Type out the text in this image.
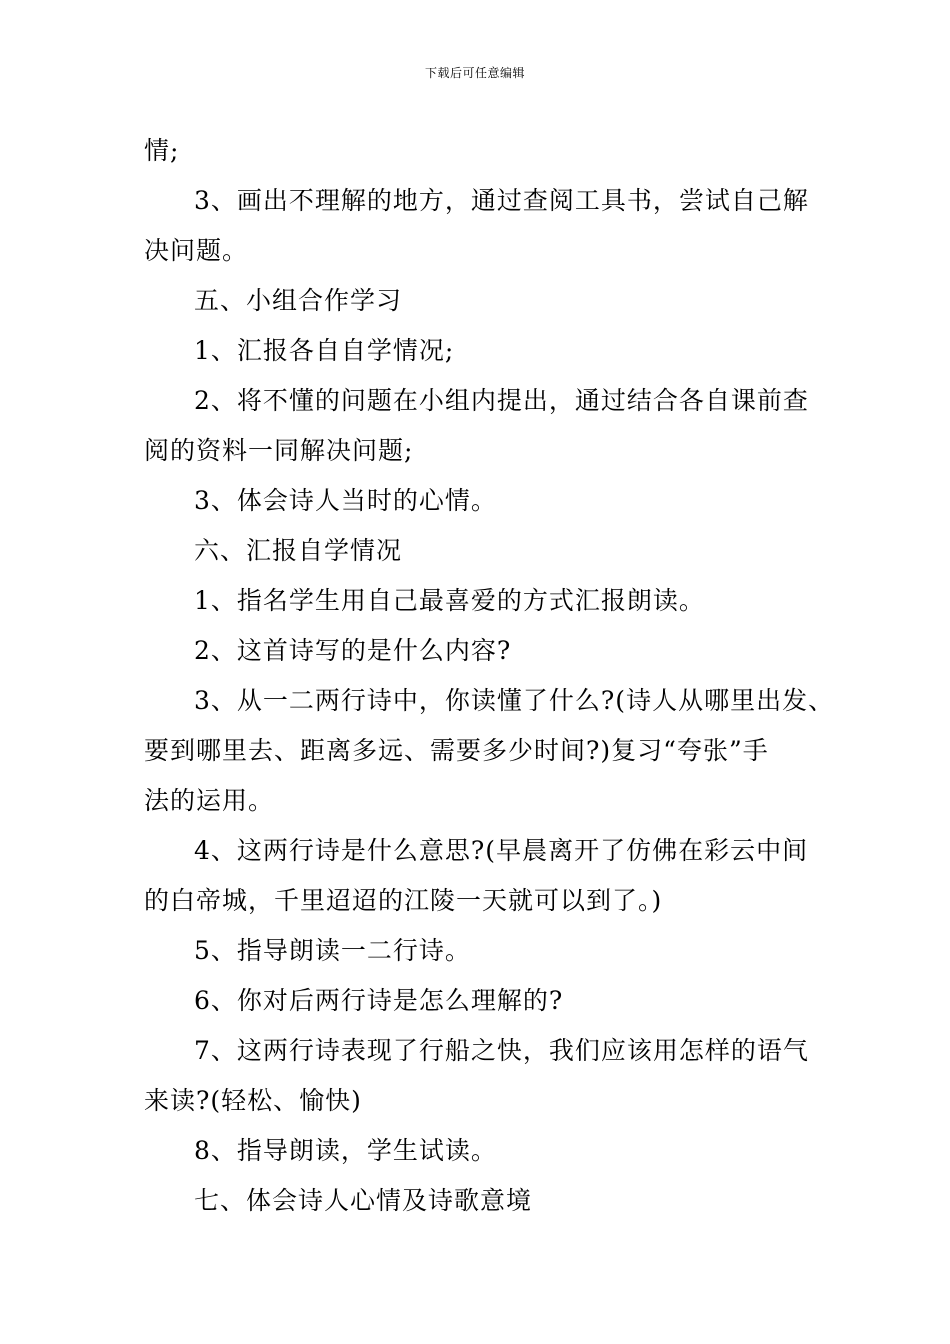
下载后可任意编辑

情;

3、画出不理解的地方，通过查阅工具书，尝试自己解

决问题。

五、小组合作学习

1、汇报各自自学情况;

2、将不懂的问题在小组内提出，通过结合各自课前查

阅的资料一同解决问题;

3、体会诗人当时的心情。

六、汇报自学情况

1、指名学生用自己最喜爱的方式汇报朗读。

2、这首诗写的是什么内容?

3、从一二两行诗中，你读懂了什么?(诗人从哪里出发、

要到哪里去、距离多远、需要多少时间?)复习“夸张”手

法的运用。

4、这两行诗是什么意思?(早晨离开了仿佛在彩云中间

的白帝城，千里迢迢的江陵一天就可以到了。)

5、指导朗读一二行诗。

6、你对后两行诗是怎么理解的?

7、这两行诗表现了行船之快，我们应该用怎样的语气

来读?(轻松、愉快)

8、指导朗读，学生试读。

七、体会诗人心情及诗歌意境
